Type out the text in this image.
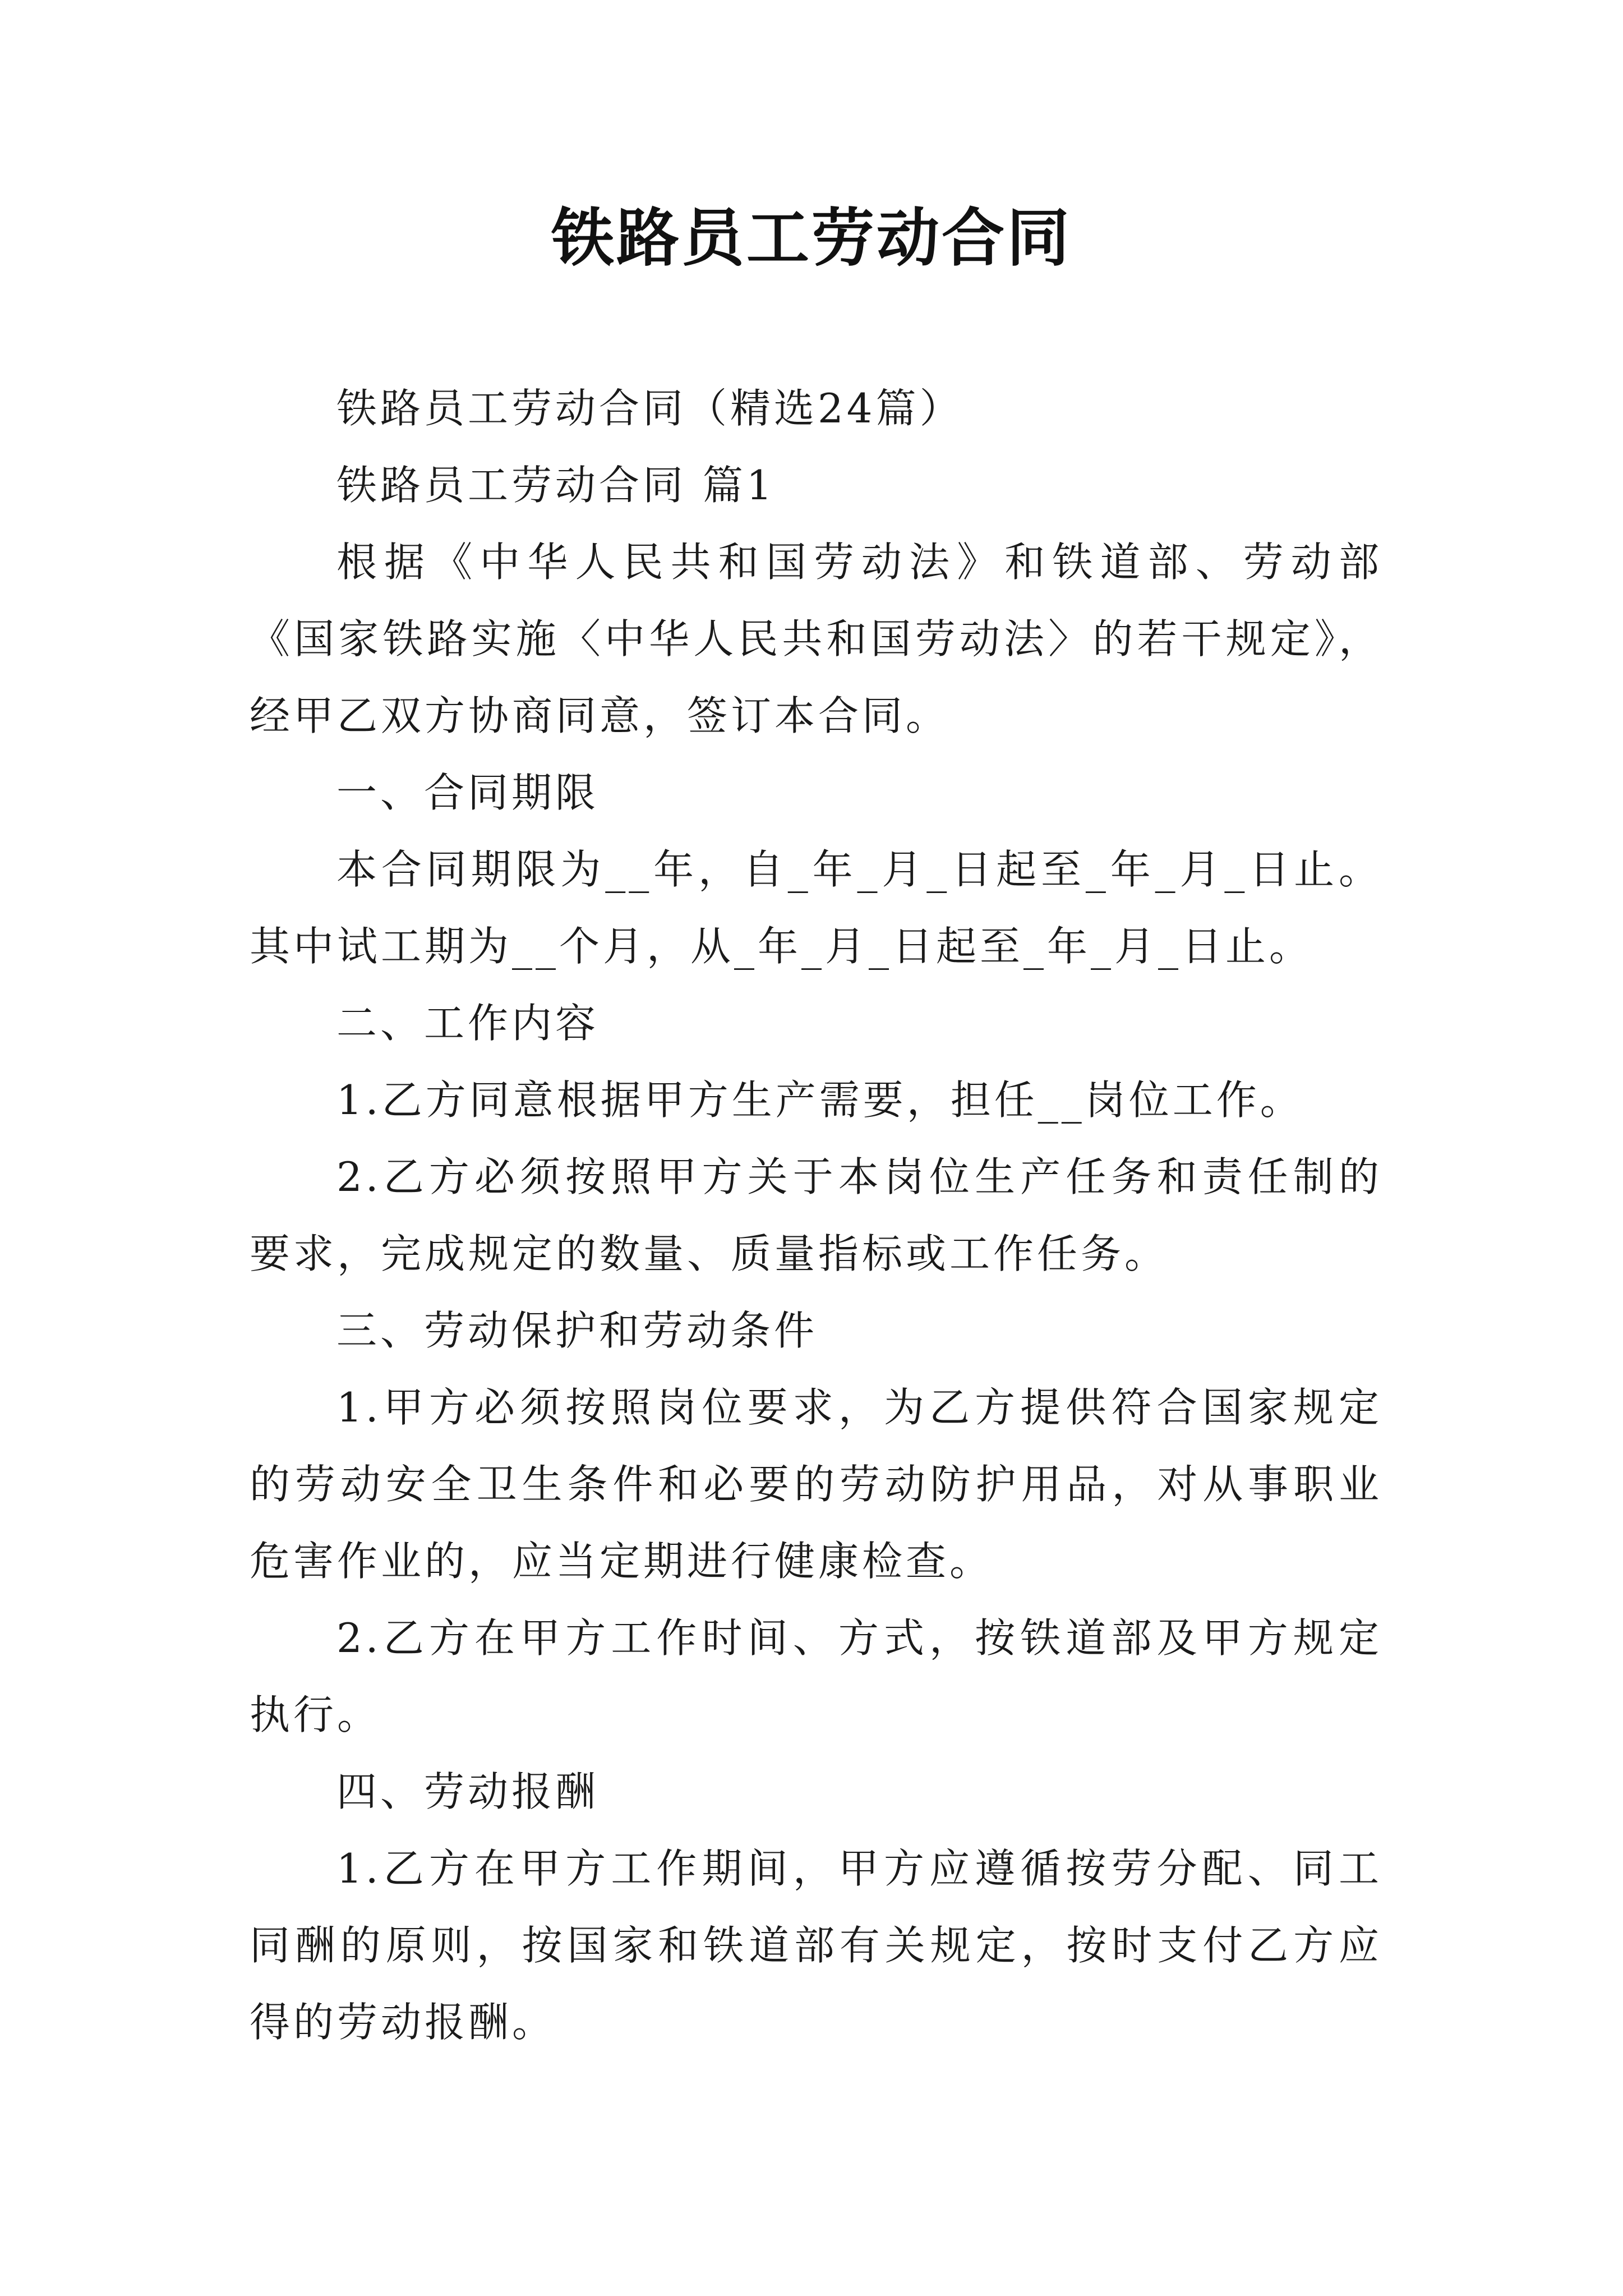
铁路员工劳动合同

铁路员工劳动合同（精选24篇）

铁路员工劳动合同 篇1

根据《中华人民共和国劳动法》和铁道部、劳动部《国家铁路实施〈中华人民共和国劳动法〉的若干规定》，经甲乙双方协商同意，签订本合同。

一、合同期限

本合同期限为__年，自_年_月_日起至_年_月_日止。其中试工期为__个月，从_年_月_日起至_年_月_日止。

二、工作内容

1.乙方同意根据甲方生产需要，担任__岗位工作。

2.乙方必须按照甲方关于本岗位生产任务和责任制的要求，完成规定的数量、质量指标或工作任务。

三、劳动保护和劳动条件

1.甲方必须按照岗位要求，为乙方提供符合国家规定的劳动安全卫生条件和必要的劳动防护用品，对从事职业危害作业的，应当定期进行健康检查。

2.乙方在甲方工作时间、方式，按铁道部及甲方规定执行。

四、劳动报酬

1.乙方在甲方工作期间，甲方应遵循按劳分配、同工同酬的原则，按国家和铁道部有关规定，按时支付乙方应得的劳动报酬。
